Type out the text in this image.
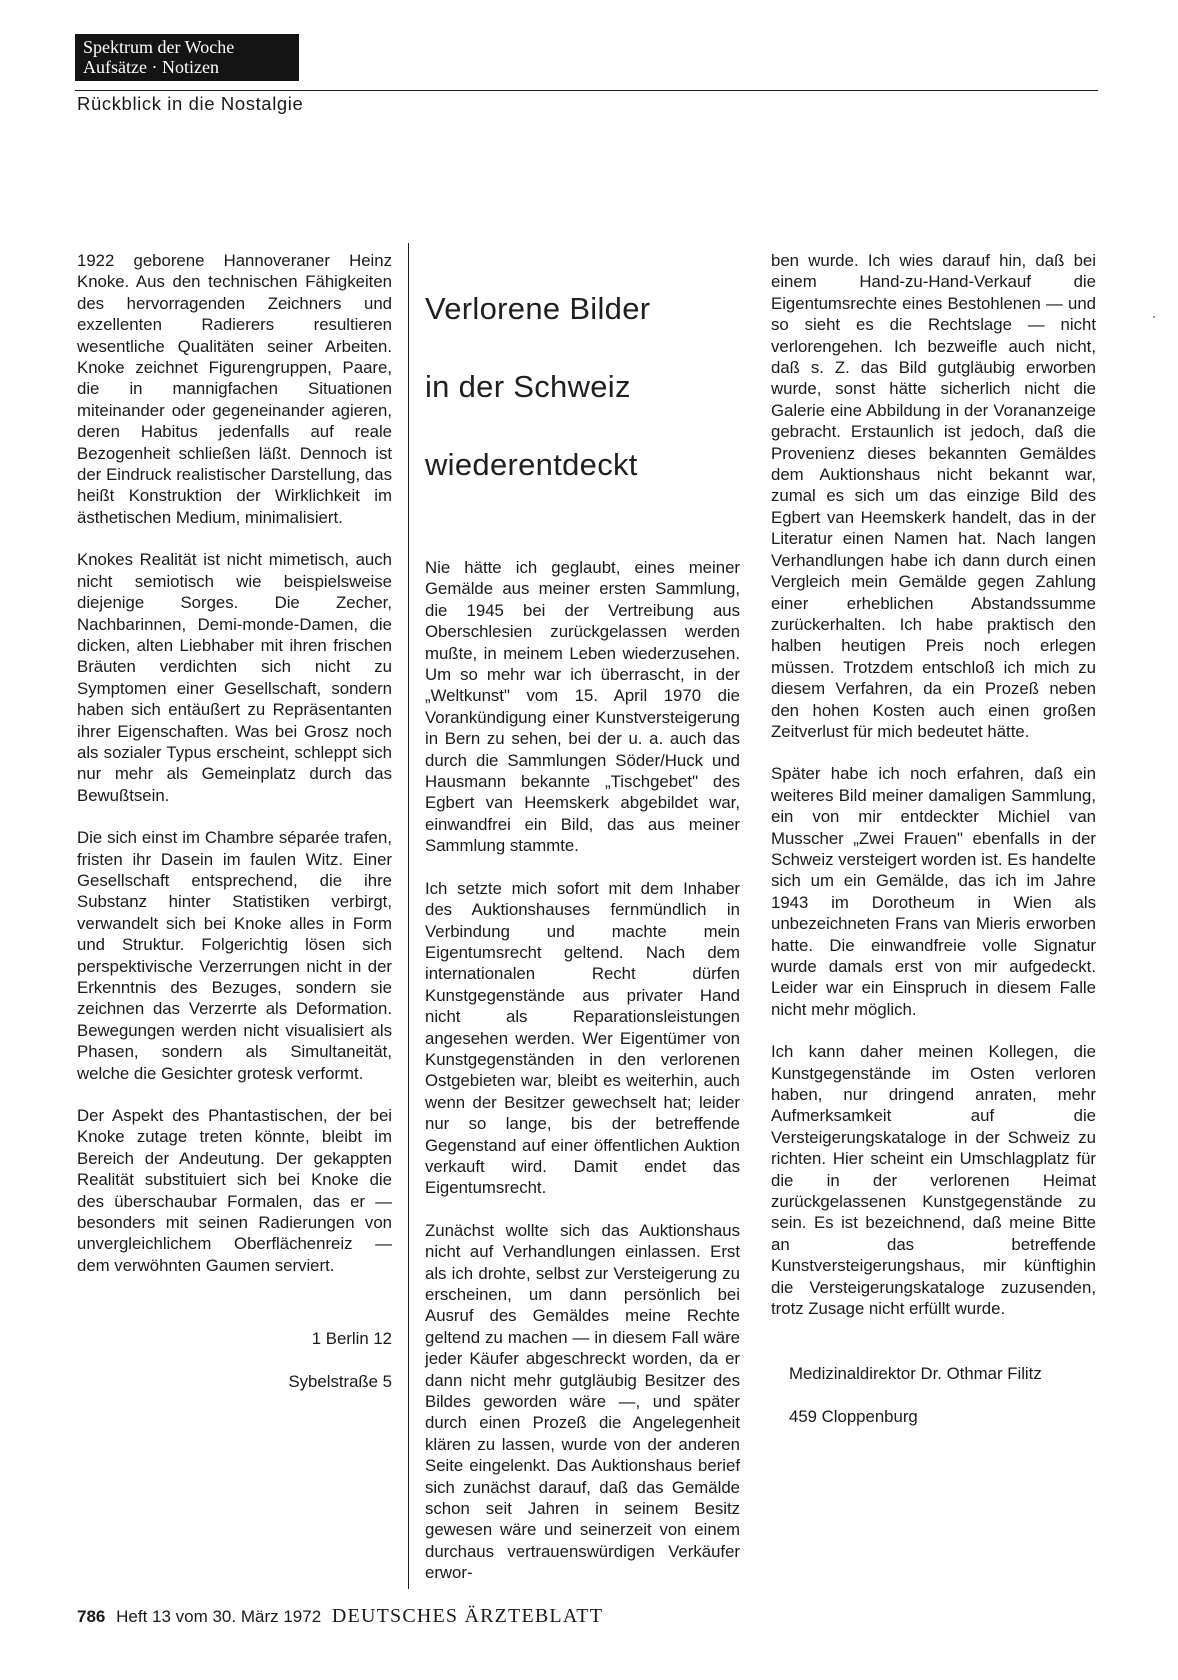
Spektrum der Woche
Aufsätze · Notizen
Rückblick in die Nostalgie

1922 geborene Hannoveraner Heinz Knoke. Aus den technischen Fähigkeiten des hervorragenden Zeichners und exzellenten Radierers resultieren wesentliche Qualitäten seiner Arbeiten. Knoke zeichnet Figurengruppen, Paare, die in mannigfachen Situationen miteinander oder gegeneinander agieren, deren Habitus jedenfalls auf reale Bezogenheit schließen läßt. Dennoch ist der Eindruck realistischer Darstellung, das heißt Konstruktion der Wirklichkeit im ästhetischen Medium, minimalisiert.

Knokes Realität ist nicht mimetisch, auch nicht semiotisch wie beispielsweise diejenige Sorges. Die Zecher, Nachbarinnen, Demi-monde-Damen, die dicken, alten Liebhaber mit ihren frischen Bräuten verdichten sich nicht zu Symptomen einer Gesellschaft, sondern haben sich entäußert zu Repräsentanten ihrer Eigenschaften. Was bei Grosz noch als sozialer Typus erscheint, schleppt sich nur mehr als Gemeinplatz durch das Bewußtsein.

Die sich einst im Chambre séparée trafen, fristen ihr Dasein im faulen Witz. Einer Gesellschaft entsprechend, die ihre Substanz hinter Statistiken verbirgt, verwandelt sich bei Knoke alles in Form und Struktur. Folgerichtig lösen sich perspektivische Verzerrungen nicht in der Erkenntnis des Bezuges, sondern sie zeichnen das Verzerrte als Deformation. Bewegungen werden nicht visualisiert als Phasen, sondern als Simultaneität, welche die Gesichter grotesk verformt.

Der Aspekt des Phantastischen, der bei Knoke zutage treten könnte, bleibt im Bereich der Andeutung. Der gekappten Realität substituiert sich bei Knoke die des überschaubar Formalen, das er — besonders mit seinen Radierungen von unvergleichlichem Oberflächenreiz — dem verwöhnten Gaumen serviert.

1 Berlin 12

Sybelstraße 5

Verlorene Bilder

in der Schweiz

wiederentdeckt

Nie hätte ich geglaubt, eines meiner Gemälde aus meiner ersten Sammlung, die 1945 bei der Vertreibung aus Oberschlesien zurückgelassen werden mußte, in meinem Leben wiederzusehen. Um so mehr war ich überrascht, in der „Weltkunst" vom 15. April 1970 die Vorankündigung einer Kunstversteigerung in Bern zu sehen, bei der u. a. auch das durch die Sammlungen Söder/Huck und Hausmann bekannte „Tischgebet" des Egbert van Heemskerk abgebildet war, einwandfrei ein Bild, das aus meiner Sammlung stammte.

Ich setzte mich sofort mit dem Inhaber des Auktionshauses fernmündlich in Verbindung und machte mein Eigentumsrecht geltend. Nach dem internationalen Recht dürfen Kunstgegenstände aus privater Hand nicht als Reparationsleistungen angesehen werden. Wer Eigentümer von Kunstgegenständen in den verlorenen Ostgebieten war, bleibt es weiterhin, auch wenn der Besitzer gewechselt hat; leider nur so lange, bis der betreffende Gegenstand auf einer öffentlichen Auktion verkauft wird. Damit endet das Eigentumsrecht.

Zunächst wollte sich das Auktionshaus nicht auf Verhandlungen einlassen. Erst als ich drohte, selbst zur Versteigerung zu erscheinen, um dann persönlich bei Ausruf des Gemäldes meine Rechte geltend zu machen — in diesem Fall wäre jeder Käufer abgeschreckt worden, da er dann nicht mehr gutgläubig Besitzer des Bildes geworden wäre —, und später durch einen Prozeß die Angelegenheit klären zu lassen, wurde von der anderen Seite eingelenkt. Das Auktionshaus berief sich zunächst darauf, daß das Gemälde schon seit Jahren in seinem Besitz gewesen wäre und seinerzeit von einem durchaus vertrauenswürdigen Verkäufer erwor-

ben wurde. Ich wies darauf hin, daß bei einem Hand-zu-Hand-Verkauf die Eigentumsrechte eines Bestohlenen — und so sieht es die Rechtslage — nicht verlorengehen. Ich bezweifle auch nicht, daß s. Z. das Bild gutgläubig erworben wurde, sonst hätte sicherlich nicht die Galerie eine Abbildung in der Vorananzeige gebracht. Erstaunlich ist jedoch, daß die Provenienz dieses bekannten Gemäldes dem Auktionshaus nicht bekannt war, zumal es sich um das einzige Bild des Egbert van Heemskerk handelt, das in der Literatur einen Namen hat. Nach langen Verhandlungen habe ich dann durch einen Vergleich mein Gemälde gegen Zahlung einer erheblichen Abstandssumme zurückerhalten. Ich habe praktisch den halben heutigen Preis noch erlegen müssen. Trotzdem entschloß ich mich zu diesem Verfahren, da ein Prozeß neben den hohen Kosten auch einen großen Zeitverlust für mich bedeutet hätte.

Später habe ich noch erfahren, daß ein weiteres Bild meiner damaligen Sammlung, ein von mir entdeckter Michiel van Musscher „Zwei Frauen" ebenfalls in der Schweiz versteigert worden ist. Es handelte sich um ein Gemälde, das ich im Jahre 1943 im Dorotheum in Wien als unbezeichneten Frans van Mieris erworben hatte. Die einwandfreie volle Signatur wurde damals erst von mir aufgedeckt. Leider war ein Einspruch in diesem Falle nicht mehr möglich.

Ich kann daher meinen Kollegen, die Kunstgegenstände im Osten verloren haben, nur dringend anraten, mehr Aufmerksamkeit auf die Versteigerungskataloge in der Schweiz zu richten. Hier scheint ein Umschlagplatz für die in der verlorenen Heimat zurückgelassenen Kunstgegenstände zu sein. Es ist bezeichnend, daß meine Bitte an das betreffende Kunstversteigerungshaus, mir künftighin die Versteigerungskataloge zuzusenden, trotz Zusage nicht erfüllt wurde.

Medizinaldirektor Dr. Othmar Filitz

459 Cloppenburg

786 Heft 13 vom 30. März 1972 DEUTSCHES ÄRZTEBLATT
